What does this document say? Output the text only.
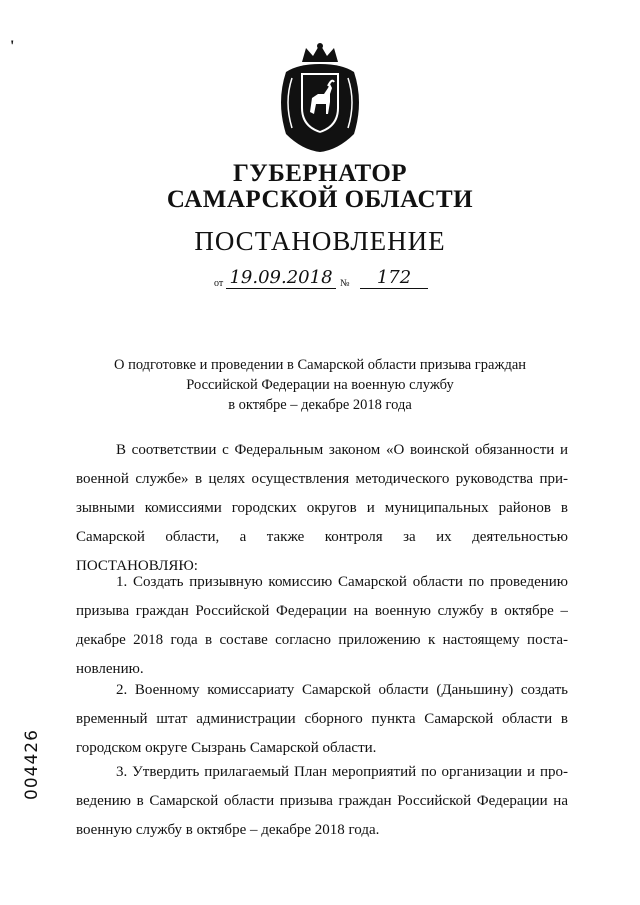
'
ГУБЕРНАТОР
САМАРСКОЙ ОБЛАСТИ
ПОСТАНОВЛЕНИЕ
от 19.09.2018 №	172
О подготовке и проведении в Самарской области призыва граждан
Российской Федерации на военную службу
в октябре – декабре 2018 года
В соответствии с Федеральным законом «О воинской обязанности и
военной службе» в целях осуществления методического руководства при-
зывными комиссиями городских округов и муниципальных районов в
Самарской области, а также контроля за их деятельностью
ПОСТАНОВЛЯЮ:
1. Создать призывную комиссию Самарской области по проведению
призыва граждан Российской Федерации на военную службу в октябре –
декабре 2018 года в составе согласно приложению к настоящему поста-
новлению.
2. Военному комиссариату Самарской области (Даньшину) создать
временный штат администрации сборного пункта Самарской области в
городском округе Сызрань Самарской области.
3. Утвердить прилагаемый План мероприятий по организации и про-
ведению в Самарской области призыва граждан Российской Федерации на
военную службу в октябре – декабре 2018 года.
004426
